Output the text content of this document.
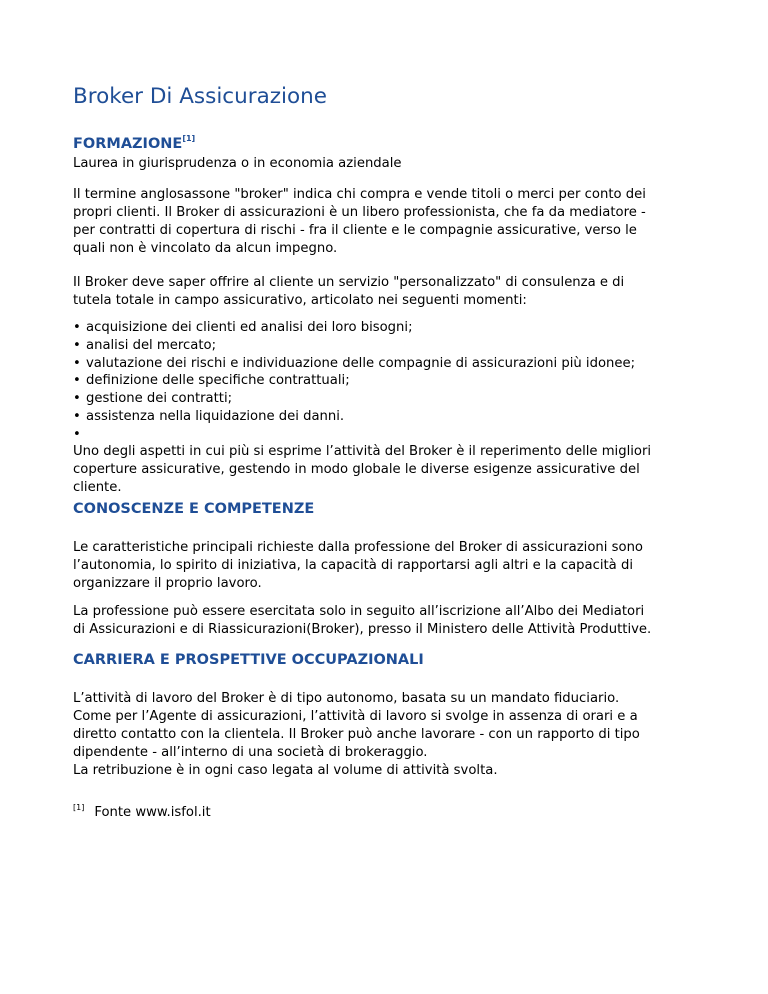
Broker Di Assicurazione
FORMAZIONE[1]

Laurea in giurisprudenza o in economia aziendale

Il termine anglosassone "broker" indica chi compra e vende titoli o merci per conto dei
propri clienti. Il Broker di assicurazioni è un libero professionista, che fa da mediatore -
per contratti di copertura di rischi - fra il cliente e le compagnie assicurative, verso le
quali non è vincolato da alcun impegno.

Il Broker deve saper offrire al cliente un servizio "personalizzato" di consulenza e di
tutela totale in campo assicurativo, articolato nei seguenti momenti:

• acquisizione dei clienti ed analisi dei loro bisogni;
• analisi del mercato;
• valutazione dei rischi e individuazione delle compagnie di assicurazioni più idonee;
• definizione delle specifiche contrattuali;
• gestione dei contratti;
• assistenza nella liquidazione dei danni.
•

Uno degli aspetti in cui più si esprime l’attività del Broker è il reperimento delle migliori
coperture assicurative, gestendo in modo globale le diverse esigenze assicurative del
cliente.

CONOSCENZE E COMPETENZE

Le caratteristiche principali richieste dalla professione del Broker di assicurazioni sono
l’autonomia, lo spirito di iniziativa, la capacità di rapportarsi agli altri e la capacità di
organizzare il proprio lavoro.

La professione può essere esercitata solo in seguito all’iscrizione all’Albo dei Mediatori
di Assicurazioni e di Riassicurazioni(Broker), presso il Ministero delle Attività Produttive.

CARRIERA E PROSPETTIVE OCCUPAZIONALI

L’attività di lavoro del Broker è di tipo autonomo, basata su un mandato fiduciario.
Come per l’Agente di assicurazioni, l’attività di lavoro si svolge in assenza di orari e a
diretto contatto con la clientela. Il Broker può anche lavorare - con un rapporto di tipo
dipendente - all’interno di una società di brokeraggio.
La retribuzione è in ogni caso legata al volume di attività svolta.

[1] Fonte www.isfol.it
